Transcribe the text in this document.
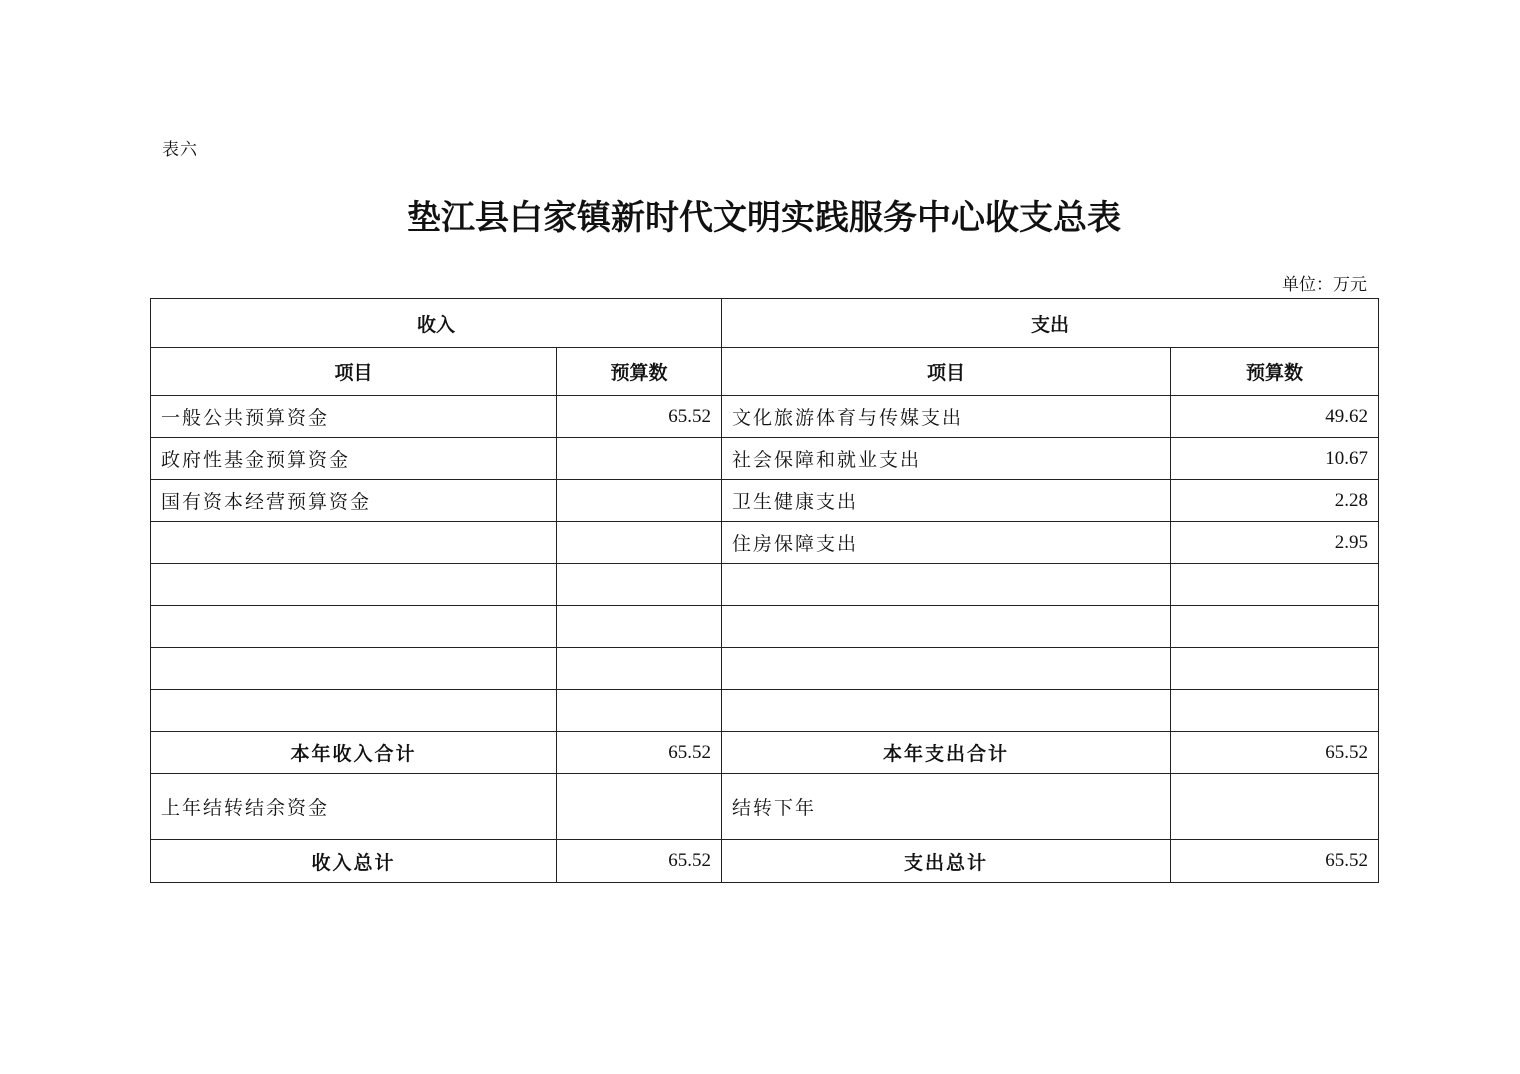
表六
垫江县白家镇新时代文明实践服务中心收支总表
单位：万元
收入		支出	
项目	预算数	项目	预算数
一般公共预算资金	65.52	文化旅游体育与传媒支出	49.62
政府性基金预算资金		社会保障和就业支出	10.67
国有资本经营预算资金		卫生健康支出	2.28
		住房保障支出	2.95

本年收入合计	65.52	本年支出合计	65.52
上年结转结余资金		结转下年	
收入总计	65.52	支出总计	65.52
